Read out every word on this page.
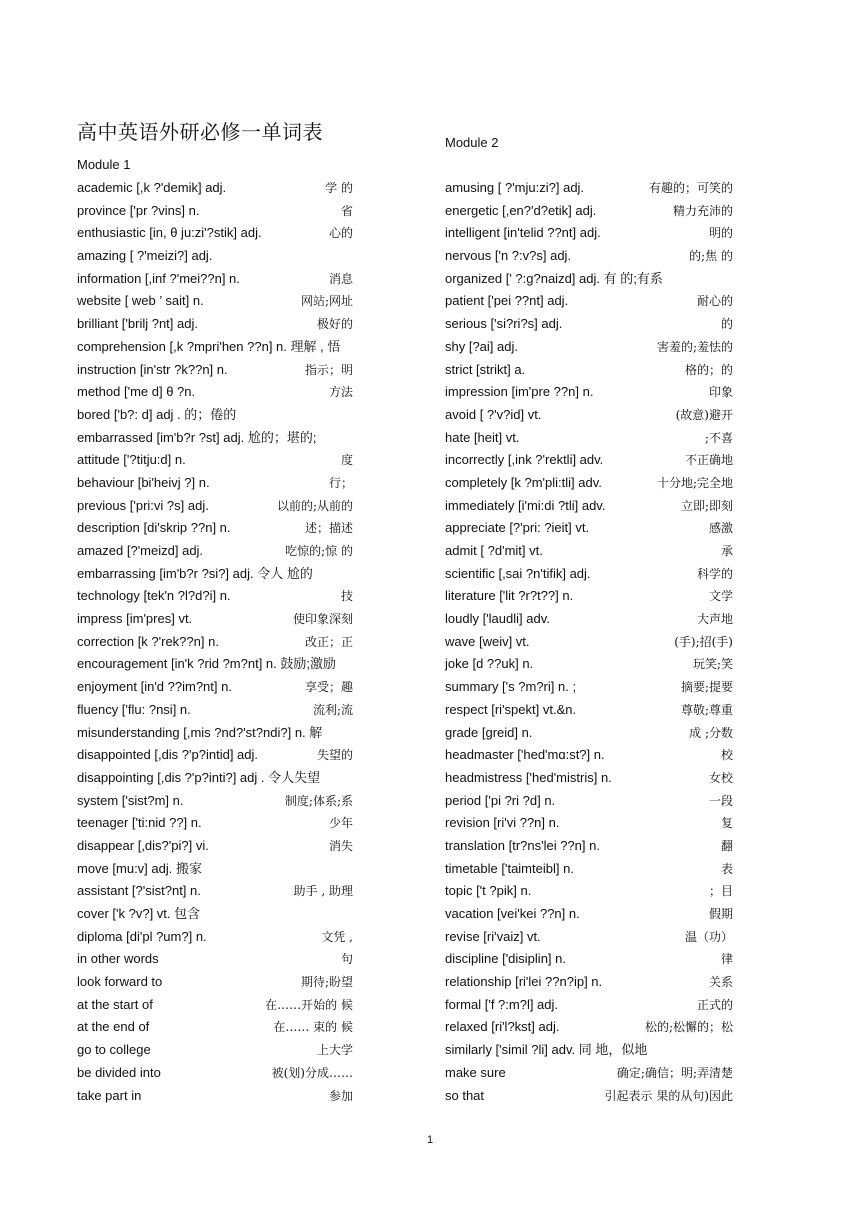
高中英语外研必修一单词表	Module 2
Module 1
academic [,k ?'demik] adj.	学 的
province ['pr ?vins] n.	省
enthusiastic [in, θ ju:zi'?stik] adj.	心的
amazing [ ?'meizi?] adj.
information [,inf ?'mei??n] n.	消息
website [ web ’ sait] n.	网站;网址
brilliant ['brilj ?nt] adj.	极好的
comprehension [,k ?mpri'hen ??n] n. 理解 , 悟
instruction [in'str ?k??n] n.	指示；明
method ['me d] θ ?n.	方法
bored ['b?: d] adj . 的；倦的
embarrassed [im'b?r ?st] adj. 尬的；堪的;
attitude ['?titju:d] n.	度
behaviour [bi'heivj ?] n.	行；
previous ['pri:vi ?s] adj.	以前的;从前的
description [di'skrip ??n] n.	述；描述
amazed [?'meizd] adj.	吃惊的;惊 的
embarrassing [im'b?r ?si?] adj. 令人 尬的
technology [tek'n ?l?d?i] n.	技
impress [im'pres] vt.	使印象深刻
correction [k ?'rek??n] n.	改正；正
encouragement [in'k ?rid ?m?nt] n. 鼓励;激励
enjoyment [in'd ??im?nt] n.	享受；趣
fluency ['flu: ?nsi] n.	流利;流
misunderstanding [,mis ?nd?'st?ndi?] n. 解
disappointed [,dis ?'p?intid] adj.	失望的
disappointing [,dis ?'p?inti?] adj . 令人失望
system ['sist?m] n.	制度;体系;系
teenager ['ti:nid ??] n.	少年
disappear [,dis?'pi?] vi.	消失
move [mu:v] adj. 搬家
assistant [?'sist?nt] n.	助手 , 助理
cover ['k ?v?] vt. 包含
diploma [di'pl ?um?] n.	文凭 ,
in other words	句
look forward to	期待;盼望
at the start of	在……开始的 候
at the end of	在…… 束的 候
go to college	上大学
be divided into	被(划)分成……
take part in	参加
amusing [ ?'mju:zi?] adj.	有趣的；可笑的
energetic [,en?'d?etik] adj.	精力充沛的
intelligent [in'telid ??nt] adj.	明的
nervous ['n ?:v?s] adj.	的;焦 的
organized [' ?:g?naizd] adj. 有 的;有系
patient ['pei ??nt] adj.	耐心的
serious ['si?ri?s] adj.	的
shy [?ai] adj.	害羞的;羞怯的
strict [strikt] a.	格的；的
impression [im'pre ??n] n.	印象
avoid [ ?'v?id] vt.	(故意)避开
hate [heit] vt.	;不喜
incorrectly [,ink ?'rektli] adv.	不正确地
completely [k ?m'pli:tli] adv.	十分地;完全地
immediately [i'mi:di ?tli] adv.	立即;即刻
appreciate [?'pri: ?ieit] vt.	感激
admit [ ?d'mit] vt.	承
scientific [,sai ?n'tifik] adj.	科学的
literature ['lit ?r?t??] n.	文学
loudly ['laudli] adv.	大声地
wave [weiv] vt.	(手);招(手)
joke [d ??uk] n.	玩笑;笑
summary ['s ?m?ri] n. ;	摘要;提要
respect [ri'spekt] vt.&n.	尊敬;尊重
grade [greid] n.	成 ;分数
headmaster ['hed'mɑ:st?] n.	校
headmistress ['hed'mistris] n.	女校
period ['pi ?ri ?d] n.	一段
revision [ri'vi ??n] n.	复
translation [tr?ns'lei ??n] n.	翻
timetable ['taimteibl] n.	表
topic ['t ?pik] n.	；目
vacation [vei'kei ??n] n.	假期
revise [ri'vaiz] vt.	温（功）
discipline ['disiplin] n.	律
relationship [ri'lei ??n?ip] n.	关系
formal ['f ?:m?l] adj.	正式的
relaxed [ri'l?kst] adj.	松的;松懈的；松
similarly ['simil ?li] adv. 同 地，似地
make sure	确定;确信；明;弄清楚
so that	引起表示 果的从句)因此
1
